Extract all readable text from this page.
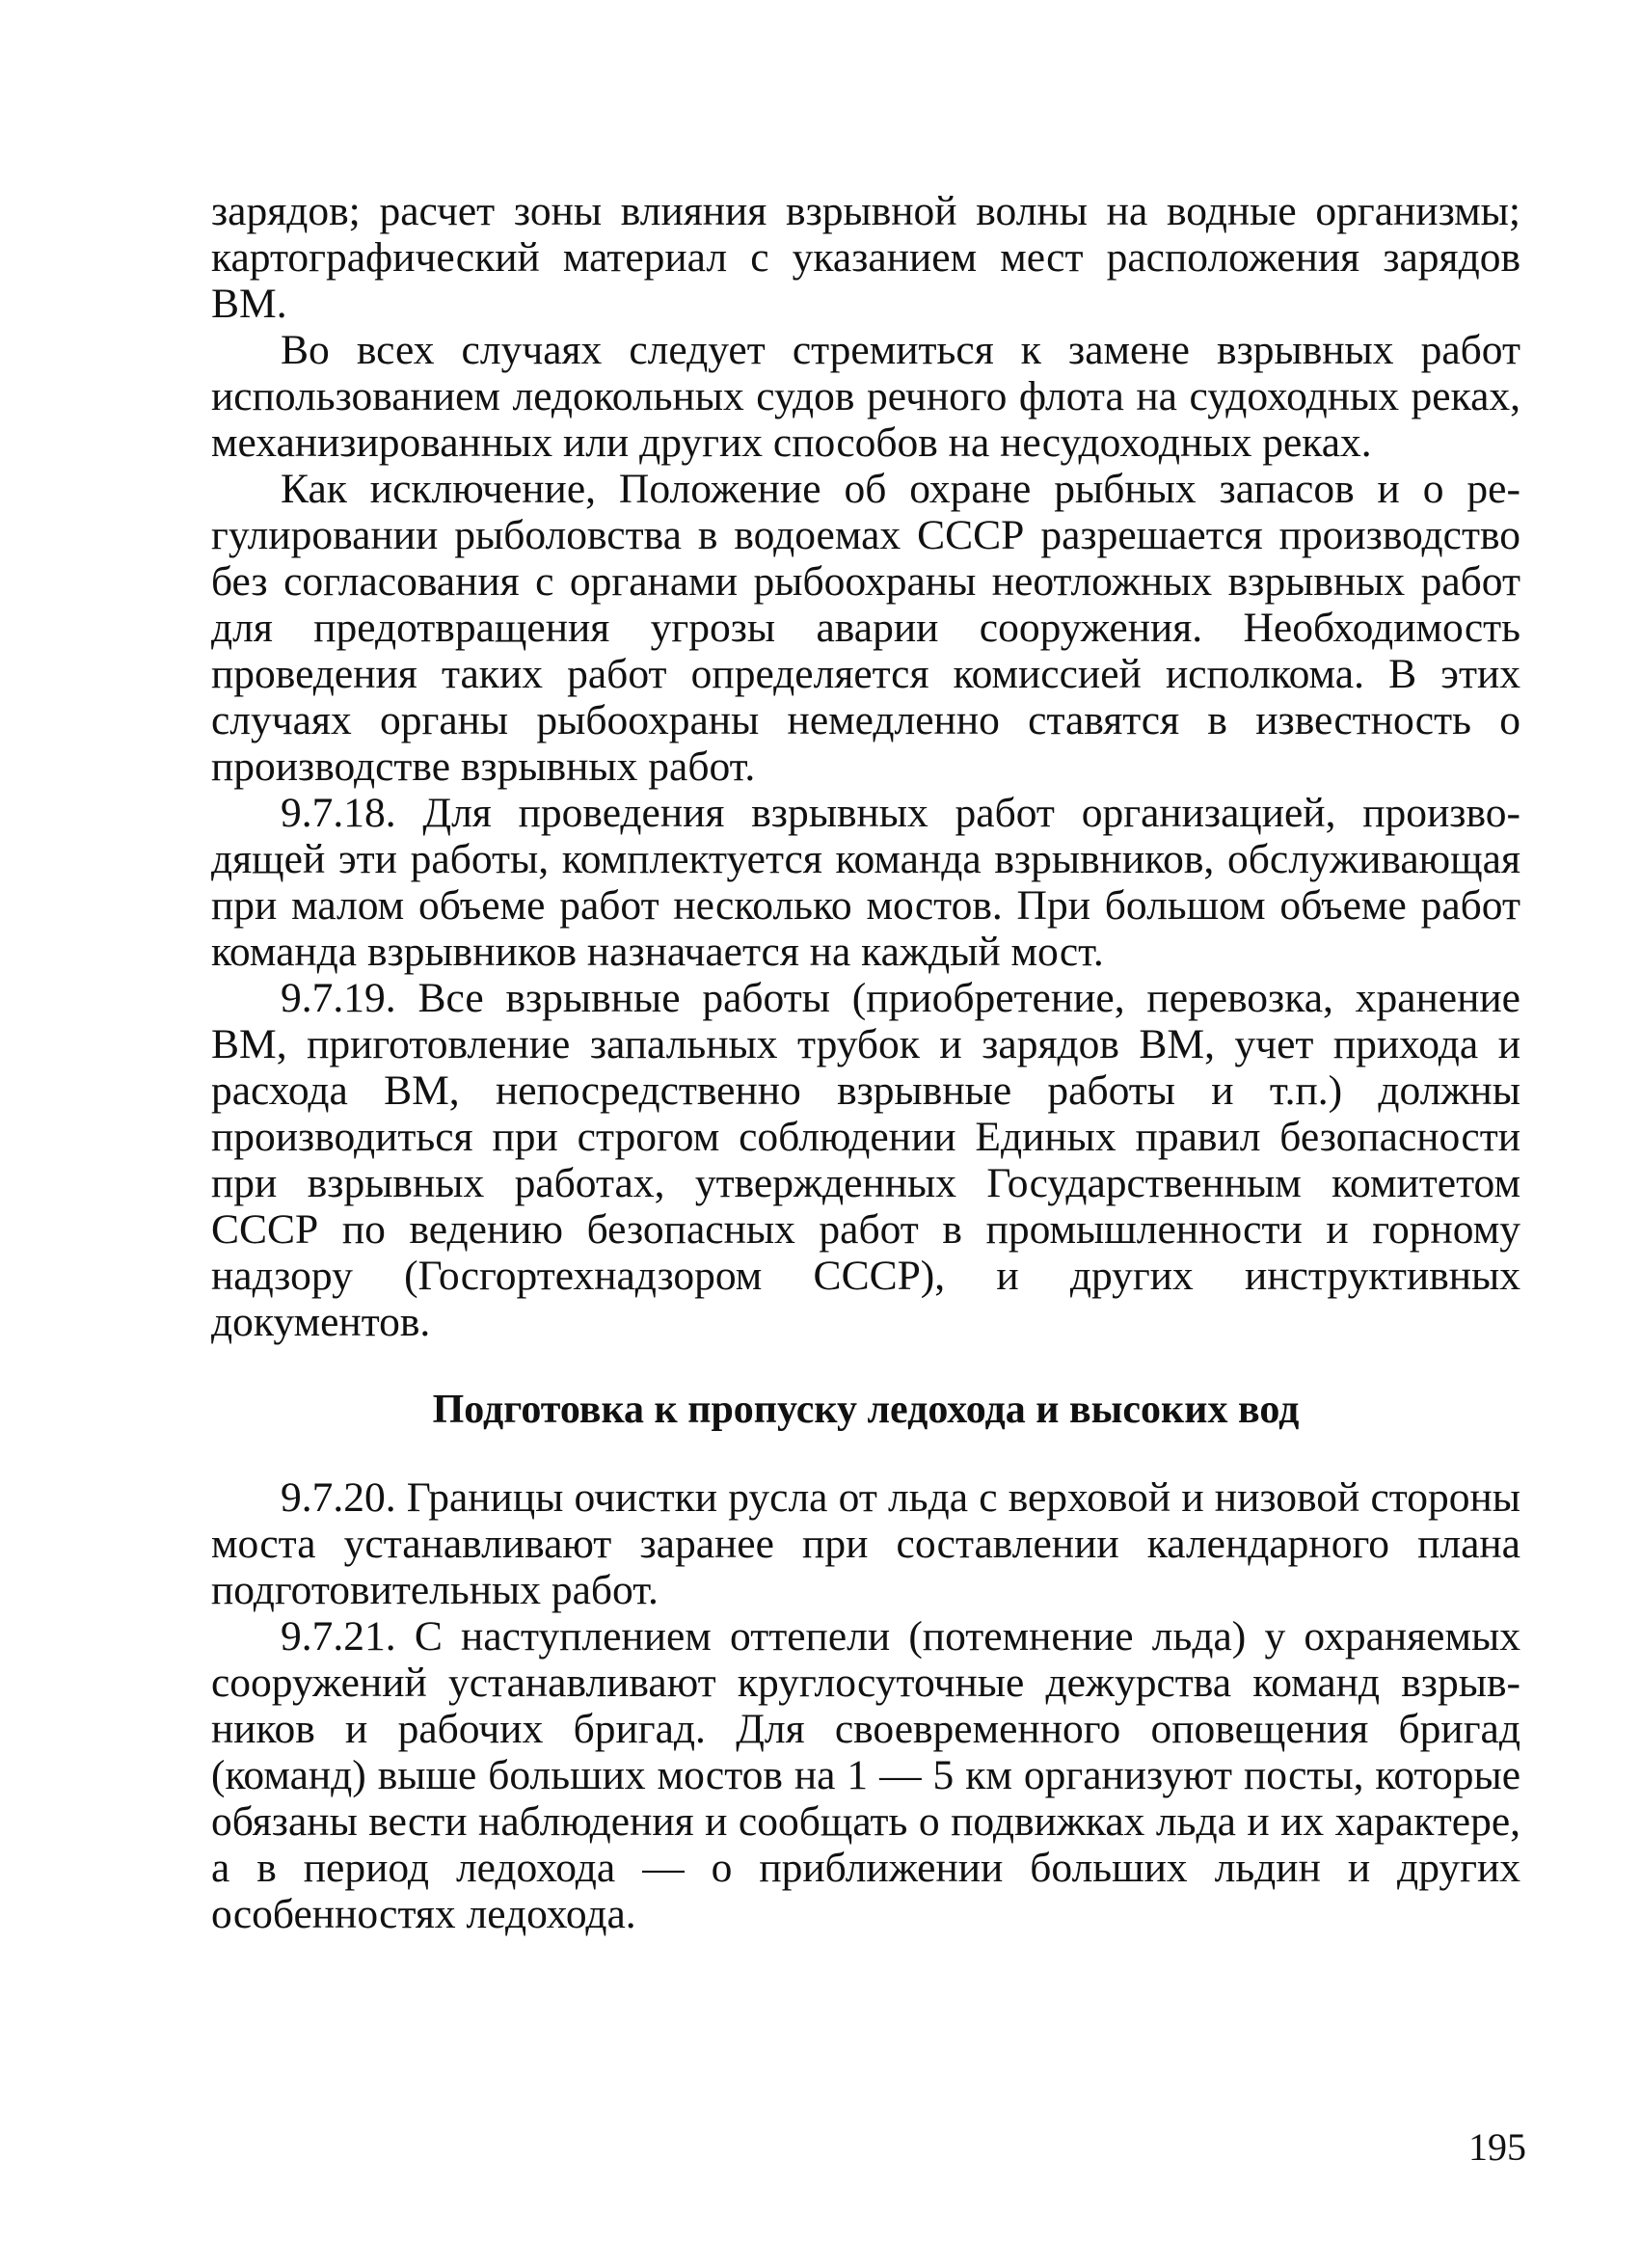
зарядов; расчет зоны влияния взрывной волны на водные организмы; картографический материал с указанием мест расположения зарядов ВМ.

Во всех случаях следует стремиться к замене взрывных работ использованием ледокольных судов речного флота на судоходных реках, механизированных или других способов на несудоходных реках.

Как исключение, Положение об охране рыбных запасов и о регулировании рыболовства в водоемах СССР разрешается производство без согласования с органами рыбоохраны неотложных взрывных работ для предотвращения угрозы аварии сооружения. Необходимость проведения таких работ определяется комиссией исполкома. В этих случаях органы рыбоохраны немедленно ставятся в известность о производстве взрывных работ.

9.7.18. Для проведения взрывных работ организацией, производящей эти работы, комплектуется команда взрывников, обслуживающая при малом объеме работ несколько мостов. При большом объеме работ команда взрывников назначается на каждый мост.

9.7.19. Все взрывные работы (приобретение, перевозка, хранение ВМ, приготовление запальных трубок и зарядов ВМ, учет прихода и расхода ВМ, непосредственно взрывные работы и т.п.) должны производиться при строгом соблюдении Единых правил безопасности при взрывных работах, утвержденных Государственным комитетом СССР по ведению безопасных работ в промышленности и горному надзору (Госгортехнадзором СССР), и других инструктивных документов.

Подготовка к пропуску ледохода и высоких вод

9.7.20. Границы очистки русла от льда с верховой и низовой стороны моста устанавливают заранее при составлении календарного плана подготовительных работ.

9.7.21. С наступлением оттепели (потемнение льда) у охраняемых сооружений устанавливают круглосуточные дежурства команд взрывников и рабочих бригад. Для своевременного оповещения бригад (команд) выше больших мостов на 1 — 5 км организуют посты, которые обязаны вести наблюдения и сообщать о подвижках льда и их характере, а в период ледохода — о приближении больших льдин и других особенностях ледохода.

195
